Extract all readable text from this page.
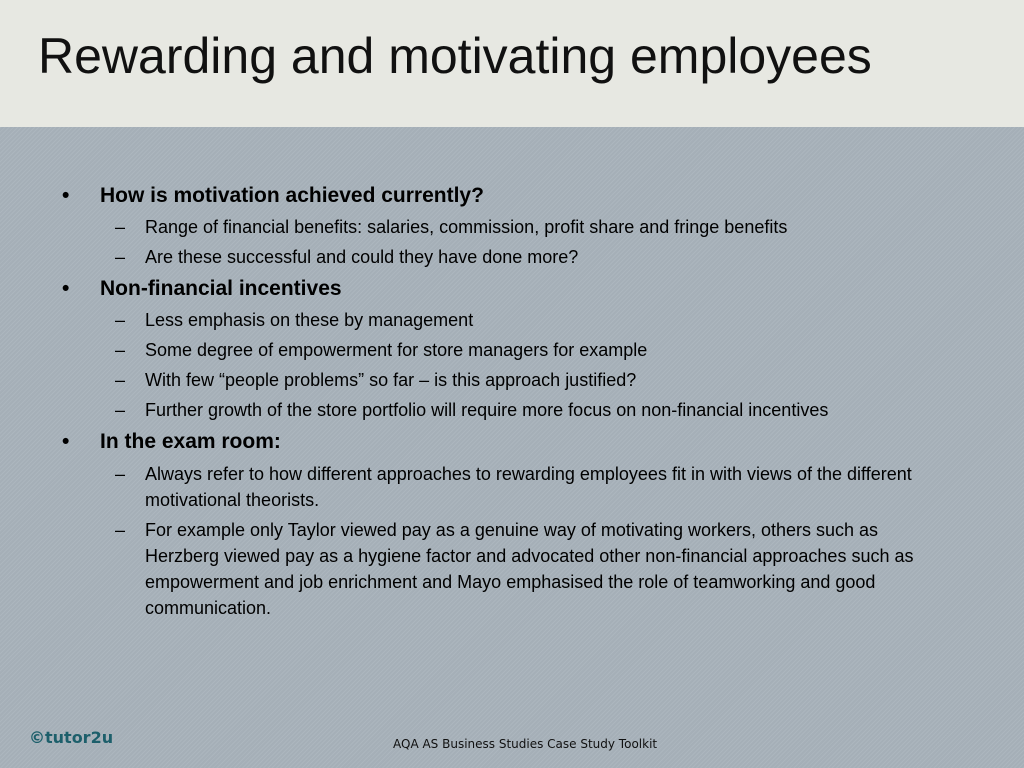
Rewarding and motivating employees

• How is motivation achieved currently?

– Range of financial benefits: salaries, commission, profit share and fringe benefits
– Are these successful and could they have done more?

• Non-financial incentives

– Less emphasis on these by management
– Some degree of empowerment for store managers for example
– With few “people problems” so far – is this approach justified?
– Further growth of the store portfolio will require more focus on non-financial incentives

• In the exam room:

– Always refer to how different approaches to rewarding employees fit in with views of the different motivational theorists.
– For example only Taylor viewed pay as a genuine way of motivating workers, others such as Herzberg viewed pay as a hygiene factor and advocated other non-financial approaches such as empowerment and job enrichment and Mayo emphasised the role of teamworking and good communication.
©tutor2u	AQA AS Business Studies Case Study Toolkit
